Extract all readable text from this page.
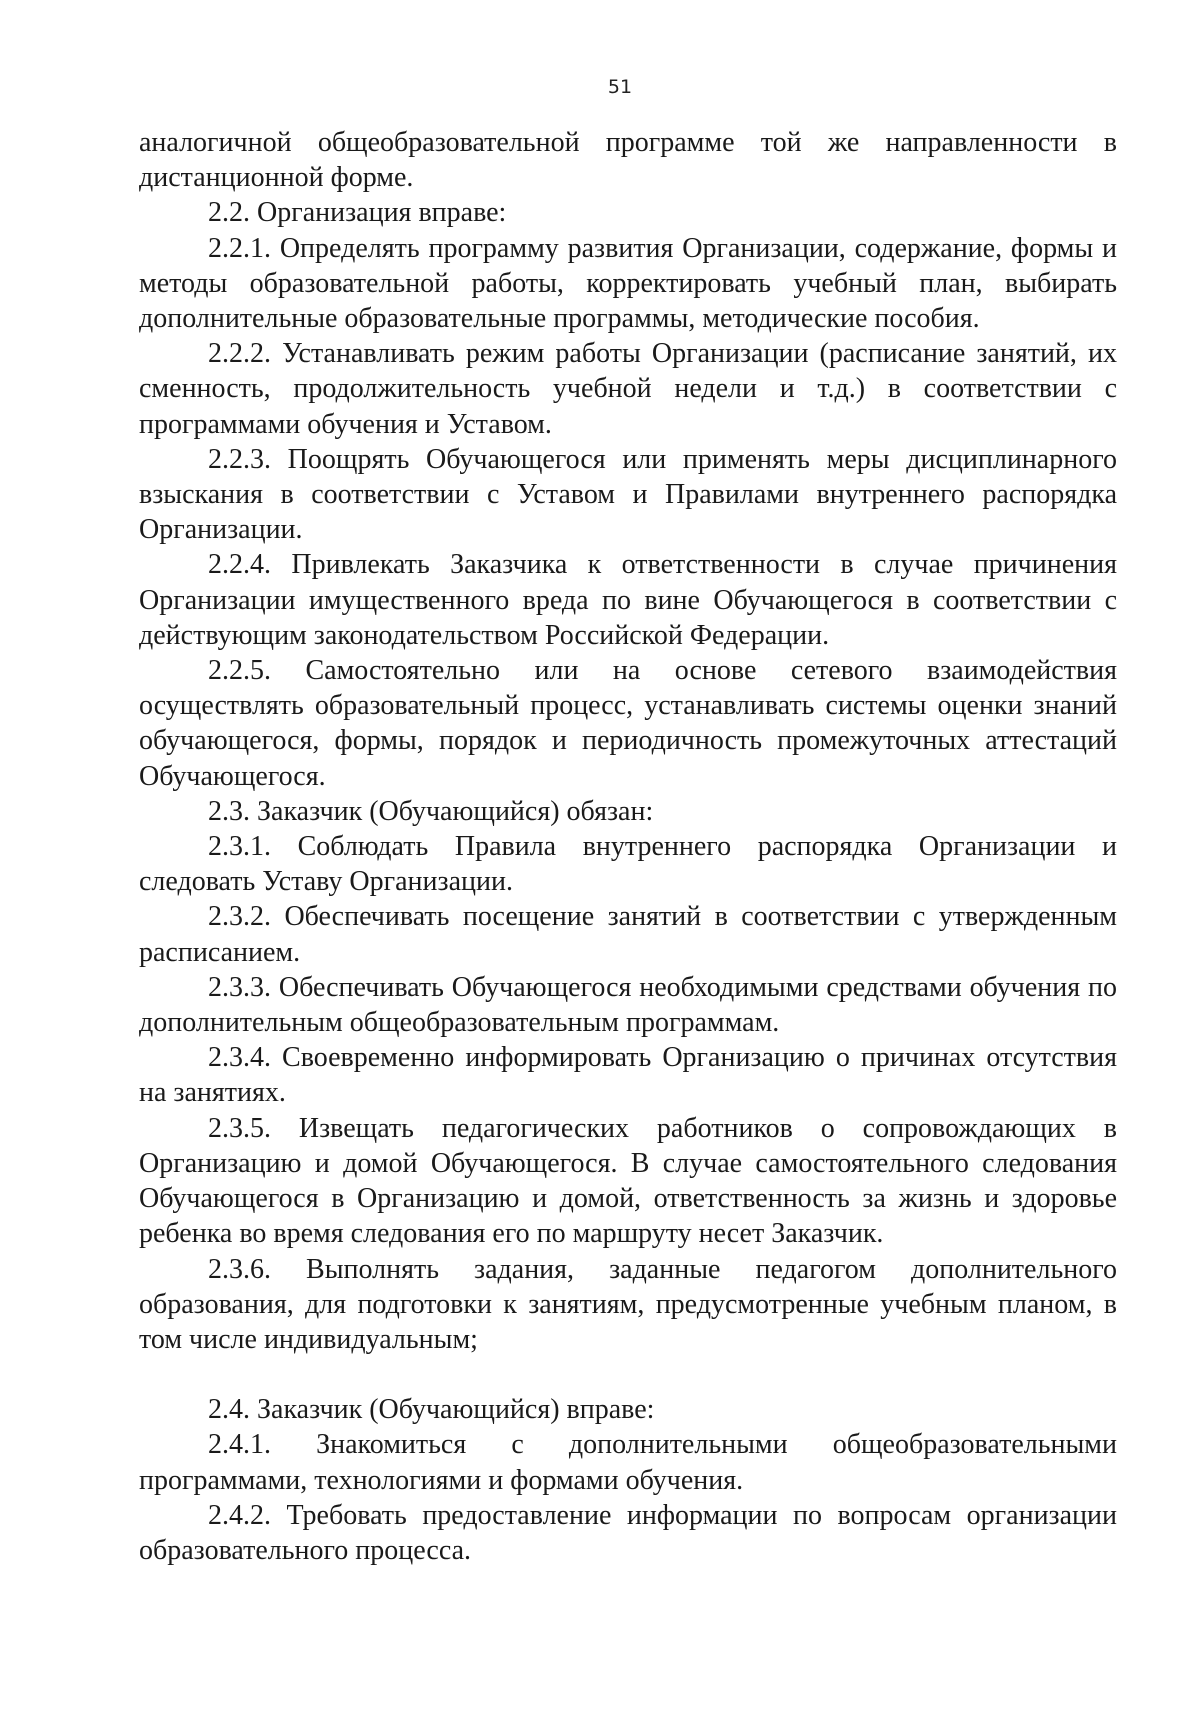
51

аналогичной общеобразовательной программе той же направленности в дистанционной форме.

2.2. Организация вправе:

2.2.1. Определять программу развития Организации, содержание, формы и методы образовательной работы, корректировать учебный план, выбирать дополнительные образовательные программы, методические пособия.

2.2.2. Устанавливать режим работы Организации (расписание занятий, их сменность, продолжительность учебной недели и т.д.) в соответствии с программами обучения и Уставом.

2.2.3. Поощрять Обучающегося или применять меры дисциплинарного взыскания в соответствии с Уставом и Правилами внутреннего распорядка Организации.

2.2.4. Привлекать Заказчика к ответственности в случае причинения Организации имущественного вреда по вине Обучающегося в соответствии с действующим законодательством Российской Федерации.

2.2.5. Самостоятельно или на основе сетевого взаимодействия осуществлять образовательный процесс, устанавливать системы оценки знаний обучающегося, формы, порядок и периодичность промежуточных аттестаций Обучающегося.

2.3. Заказчик (Обучающийся) обязан:

2.3.1. Соблюдать Правила внутреннего распорядка Организации и следовать Уставу Организации.

2.3.2. Обеспечивать посещение занятий в соответствии с утвержденным расписанием.

2.3.3. Обеспечивать Обучающегося необходимыми средствами обучения по дополнительным общеобразовательным программам.

2.3.4. Своевременно информировать Организацию о причинах отсутствия на занятиях.

2.3.5. Извещать педагогических работников о сопровождающих в Организацию и домой Обучающегося. В случае самостоятельного следования Обучающегося в Организацию и домой, ответственность за жизнь и здоровье ребенка во время следования его по маршруту несет Заказчик.

2.3.6. Выполнять задания, заданные педагогом дополнительного образования, для подготовки к занятиям, предусмотренные учебным планом, в том числе индивидуальным;

2.4. Заказчик (Обучающийся) вправе:

2.4.1. Знакомиться с дополнительными общеобразовательными программами, технологиями и формами обучения.

2.4.2. Требовать предоставление информации по вопросам организации образовательного процесса.
